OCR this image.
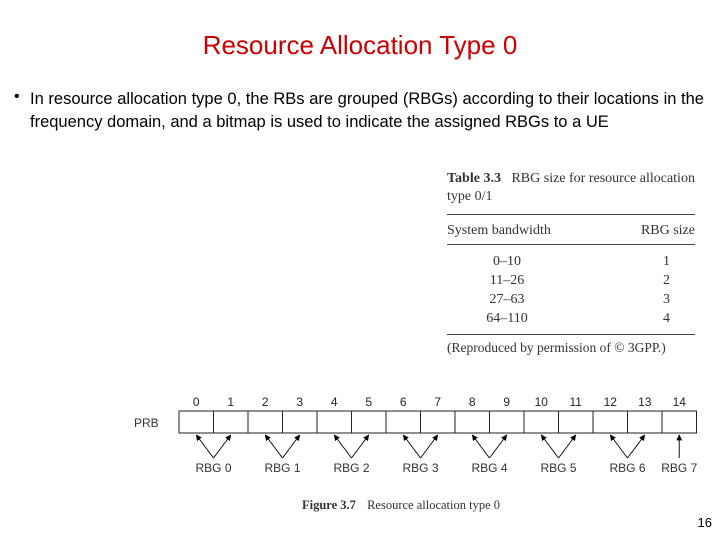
Resource Allocation Type 0
• In resource allocation type 0, the RBs are grouped (RBGs) according to their locations in the frequency domain, and a bitmap is used to indicate the assigned RBGs to a UE
Table 3.3 RBG size for resource allocation type 0/1
System bandwidth	RBG size
0–10	1
11–26	2
27–63	3
64–110	4
(Reproduced by permission of © 3GPP.)
PRB
0 1 2 3 4 5 6 7 8 9 10 11 12 13 14
RBG 0	RBG 1	RBG 2	RBG 3	RBG 4	RBG 5	RBG 6 RBG 7
Figure 3.7 Resource allocation type 0
16
